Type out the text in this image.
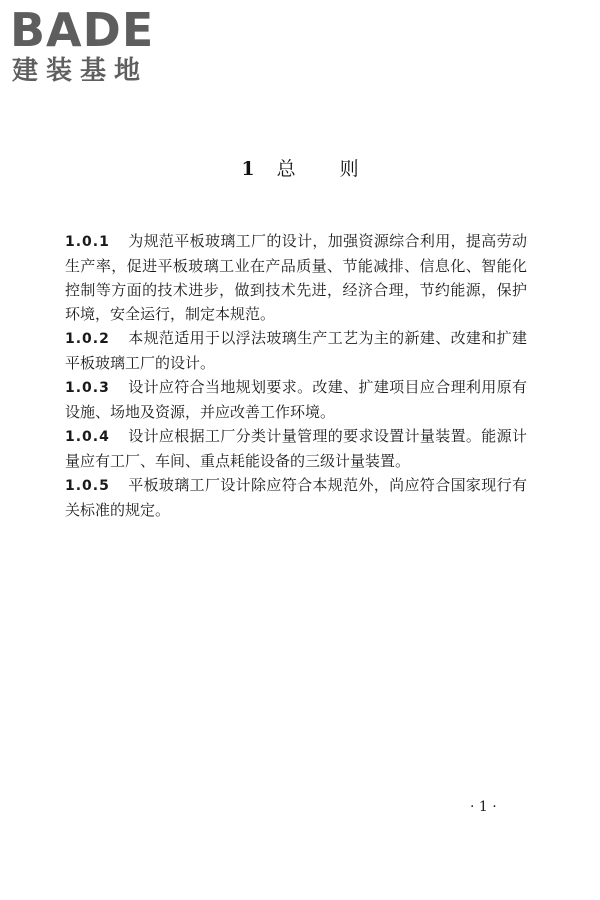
BADE
建装基地
1 总则

1.0.1 为规范平板玻璃工厂的设计，加强资源综合利用，提高劳动生产率，促进平板玻璃工业在产品质量、节能减排、信息化、智能化控制等方面的技术进步，做到技术先进，经济合理，节约能源，保护环境，安全运行，制定本规范。

1.0.2 本规范适用于以浮法玻璃生产工艺为主的新建、改建和扩建平板玻璃工厂的设计。

1.0.3 设计应符合当地规划要求。改建、扩建项目应合理利用原有设施、场地及资源，并应改善工作环境。

1.0.4 设计应根据工厂分类计量管理的要求设置计量装置。能源计量应有工厂、车间、重点耗能设备的三级计量装置。

1.0.5 平板玻璃工厂设计除应符合本规范外，尚应符合国家现行有关标准的规定。

· 1 ·
